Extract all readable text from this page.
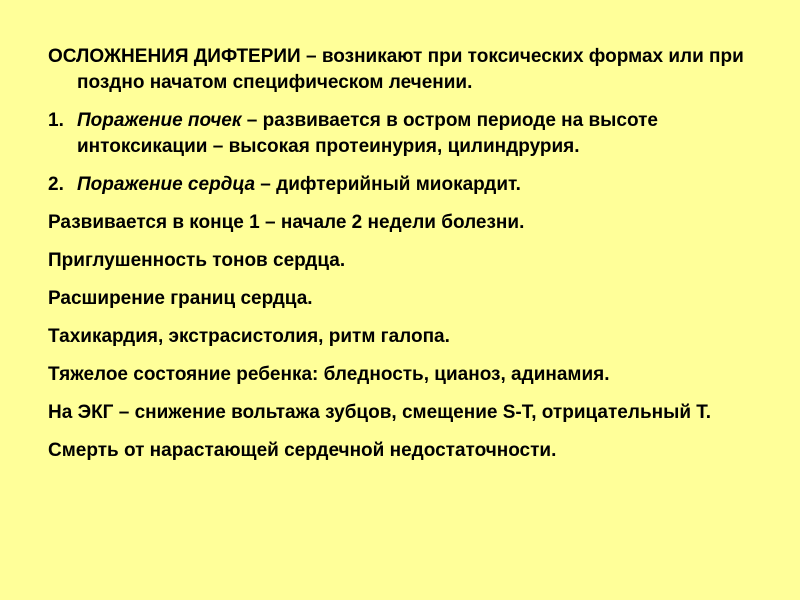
ОСЛОЖНЕНИЯ ДИФТЕРИИ – возникают при токсических формах или при поздно начатом специфическом лечении.

1. Поражение почек – развивается в остром периоде на высоте интоксикации – высокая протеинурия, цилиндрурия.

2. Поражение сердца – дифтерийный миокардит.

Развивается в конце 1 – начале 2 недели болезни.

Приглушенность тонов сердца.

Расширение границ сердца.

Тахикардия, экстрасистолия, ритм галопа.

Тяжелое состояние ребенка: бледность, цианоз, адинамия.

На ЭКГ – снижение вольтажа зубцов, смещение S-T, отрицательный T.

Смерть от нарастающей сердечной недостаточности.
